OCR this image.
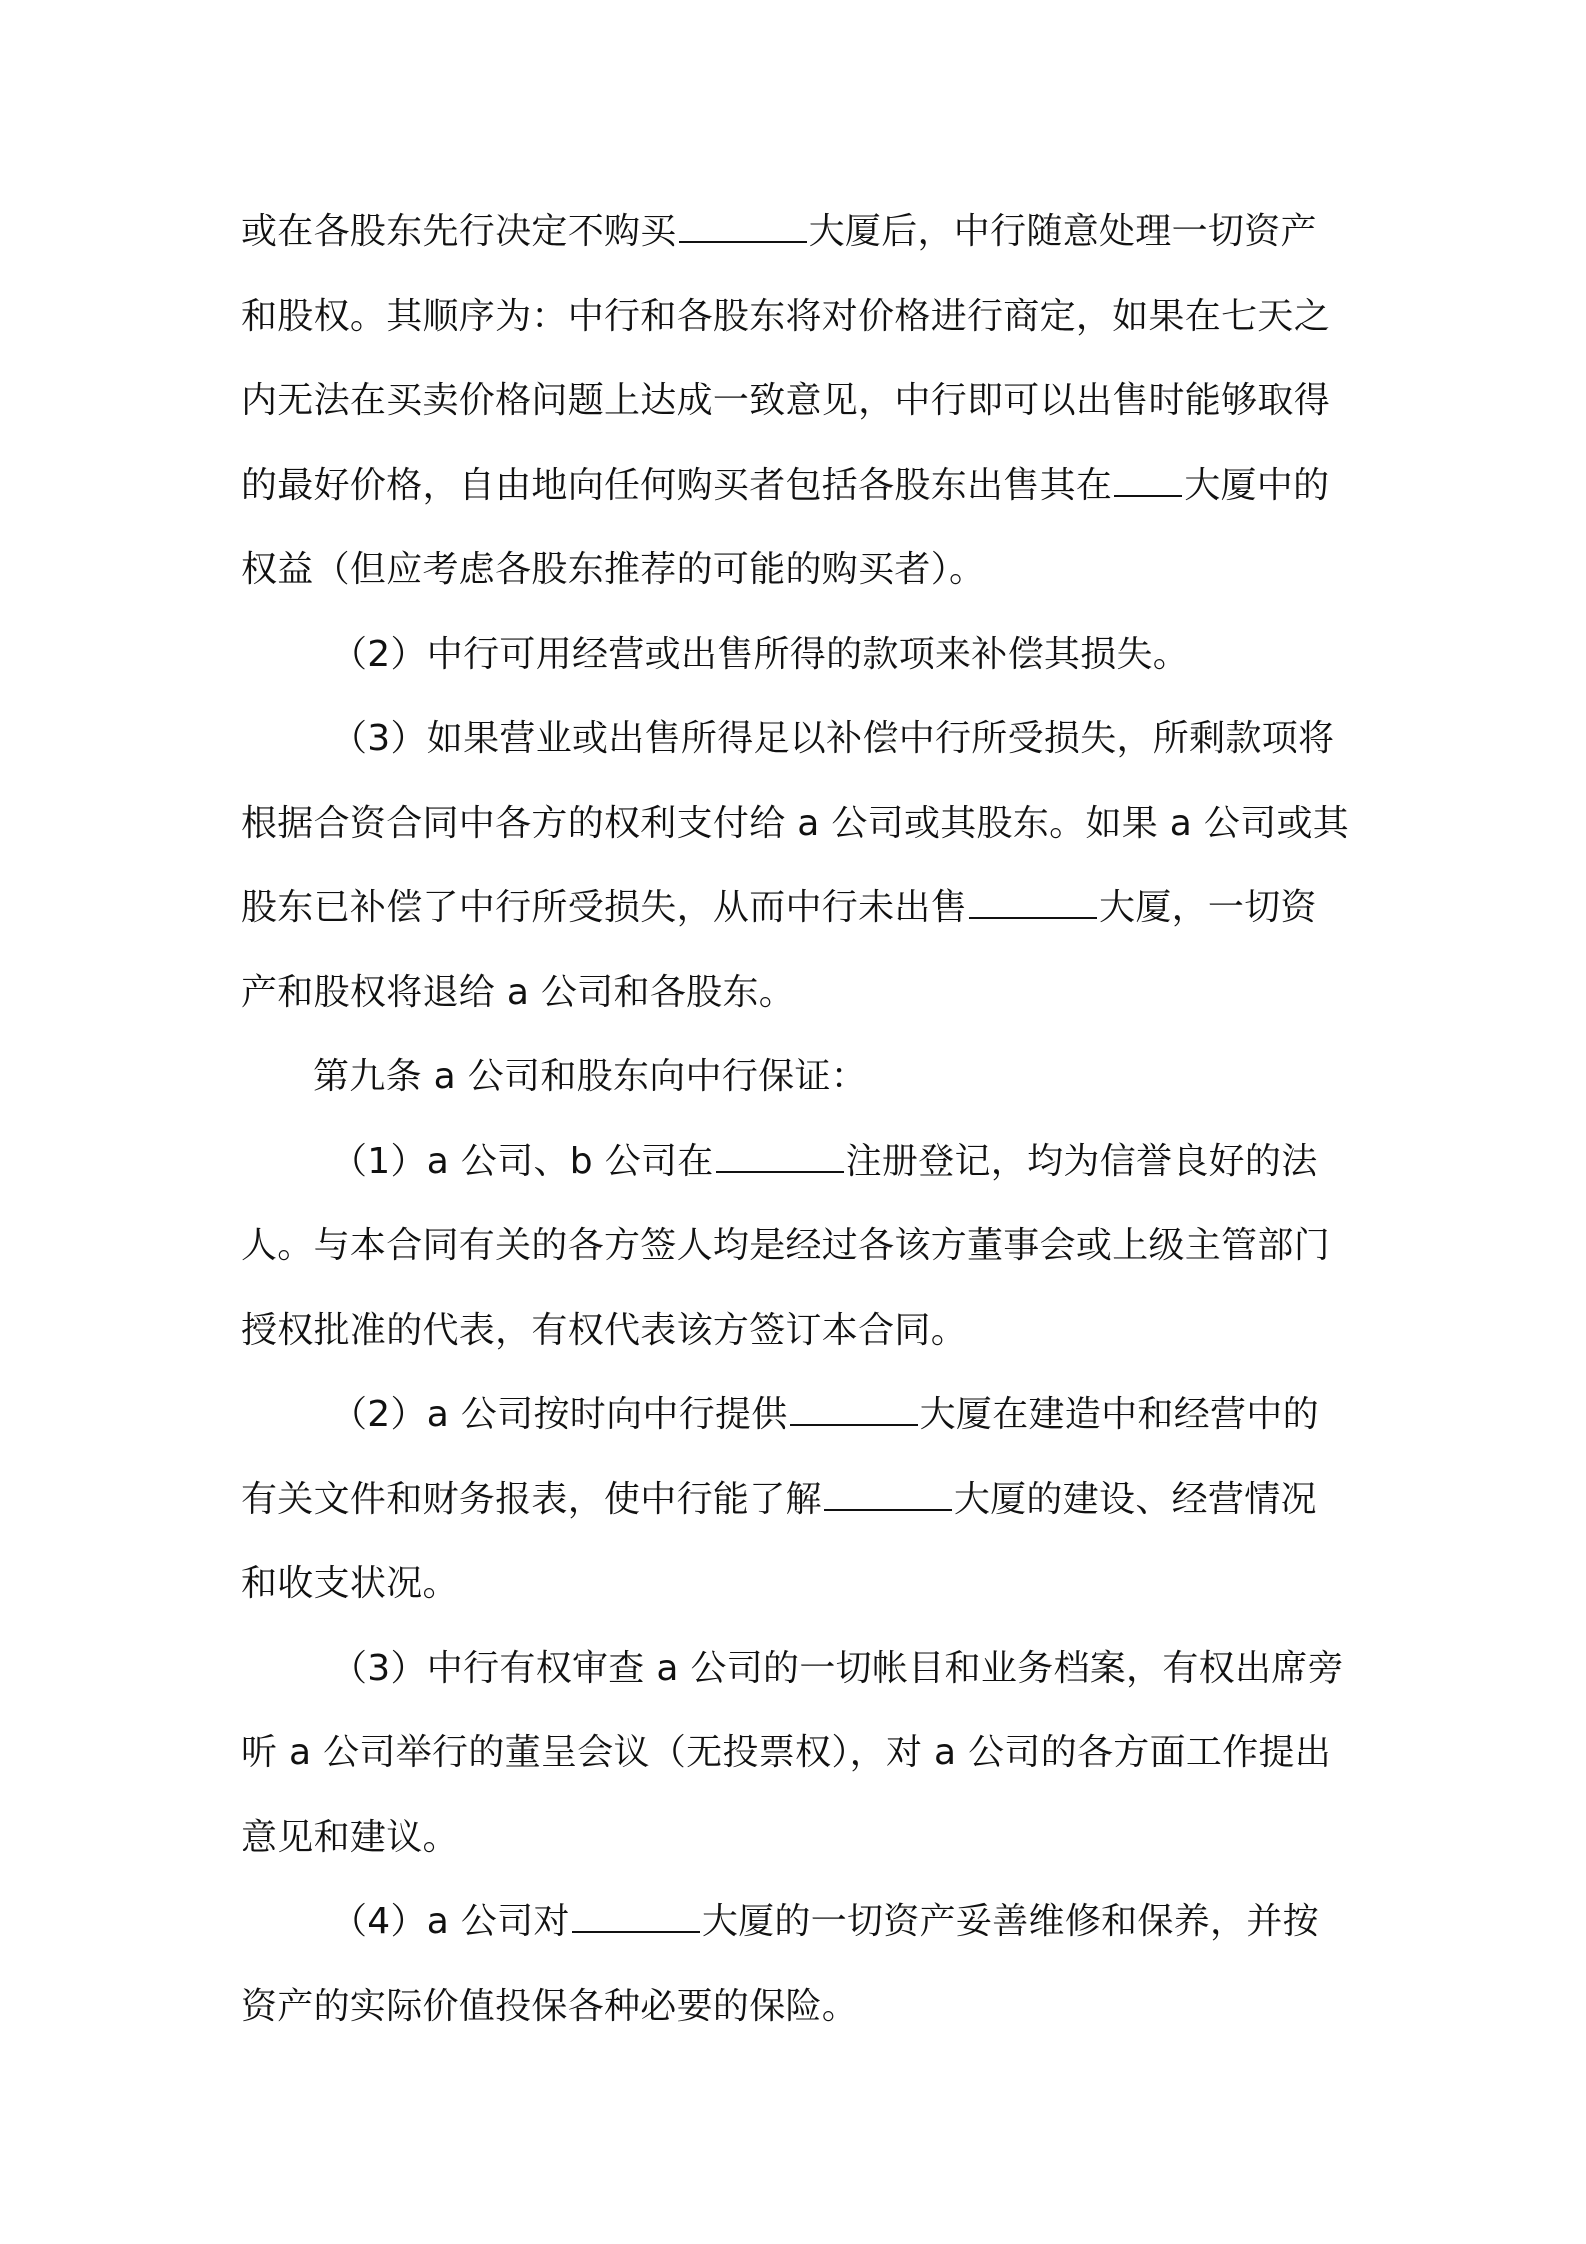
或在各股东先行决定不购买	大厦后，中行随意处理一切资产
和股权。其顺序为：中行和各股东将对价格进行商定，如果在七天之
内无法在买卖价格问题上达成一致意见，中行即可以出售时能够取得
的最好价格，自由地向任何购买者包括各股东出售其在 大厦中的
权益（但应考虑各股东推荐的可能的购买者）。
（2）中行可用经营或出售所得的款项来补偿其损失。
（3）如果营业或出售所得足以补偿中行所受损失，所剩款项将
根据合资合同中各方的权利支付给 a 公司或其股东。如果 a 公司或其
股东已补偿了中行所受损失，从而中行未出售	大厦，一切资
产和股权将退给 a 公司和各股东。
第九条 a 公司和股东向中行保证：
（1）a 公司、b 公司在	注册登记，均为信誉良好的法
人。与本合同有关的各方签人均是经过各该方董事会或上级主管部门
授权批准的代表，有权代表该方签订本合同。
（2）a 公司按时向中行提供	大厦在建造中和经营中的
有关文件和财务报表，使中行能了解	大厦的建设、经营情况
和收支状况。
（3）中行有权审查 a 公司的一切帐目和业务档案，有权出席旁
听 a 公司举行的董呈会议（无投票权），对 a 公司的各方面工作提出
意见和建议。
（4）a 公司对	大厦的一切资产妥善维修和保养，并按
资产的实际价值投保各种必要的保险。
